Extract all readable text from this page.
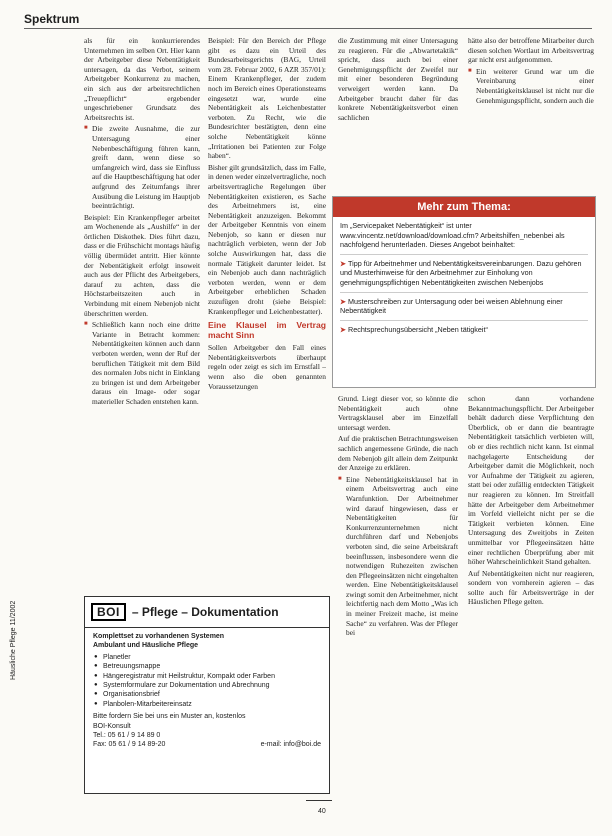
Spektrum

als für ein konkurrierendes Unternehmen im selben Ort. Hier kann der Arbeitgeber diese Nebentätigkeit untersagen, da das Verbot, seinem Arbeitgeber Konkurrenz zu machen, ein sich aus der arbeitsrechtlichen „Treuepflicht“ ergebender ungeschriebener Grundsatz des Arbeitsrechts ist.

■ Die zweite Ausnahme, die zur Untersagung einer Nebenbeschäftigung führen kann, greift dann, wenn diese so umfangreich wird, dass sie Einfluss auf die Hauptbeschäftigung hat oder aufgrund des Zeitumfangs ihrer Ausübung die Leistung im Hauptjob beeinträchtigt.

Beispiel: Ein Krankenpfleger arbeitet am Wochenende als „Aushilfe“ in der örtlichen Diskothek. Dies führt dazu, dass er die Frühschicht montags häufig völlig übermüdet antritt. Hier könnte der Nebentätigkeit erfolgt insoweit auch aus der Pflicht des Arbeitgebers, darauf zu achten, dass die Höchstarbeitszeiten auch in Verbindung mit einem Nebenjob nicht überschritten werden.

■ Schließlich kann noch eine dritte Variante in Betracht kommen: Nebentätigkeiten können auch dann verboten werden, wenn der Ruf der beruflichen Tätigkeit mit dem Bild des normalen Jobs nicht in Einklang zu bringen ist und dem Arbeitgeber daraus ein Image- oder sogar materieller Schaden entstehen kann.

Beispiel: Für den Bereich der Pflege gibt es dazu ein Urteil des Bundesarbeitsgerichts (BAG, Urteil vom 28. Februar 2002, 6 AZR 357/01): Einem Krankenpfleger, der zudem noch im Bereich eines Operationsteams eingesetzt war, wurde eine Nebentätigkeit als Leichenbestatter verboten. Zu Recht, wie die Bundesrichter bestätigten, denn eine solche Nebentätigkeit könne „Irritationen bei Patienten zur Folge haben“.

Bisher gilt grundsätzlich, dass im Falle, in denen weder einzelvertragliche, noch arbeitsvertragliche Regelungen über Nebentätigkeiten existieren, es Sache des Arbeitnehmers ist, eine Nebentätigkeit anzuzeigen. Bekommt der Arbeitgeber Kenntnis von einem Nebenjob, so kann er diesen nur nachträglich verbieten, wenn der Job solche Auswirkungen hat, dass die normale Tätigkeit darunter leidet. Ist ein Nebenjob auch dann nachträglich verboten werden, wenn er dem Arbeitgeber erheblichen Schaden zuzufügen droht (siehe Beispiel: Krankenpfleger und Leichenbestatter).

Eine Klausel im Vertrag macht Sinn

Sollen Arbeitgeber den Fall eines Nebentätigkeitsverbots überhaupt regeln oder zeigt es sich im Ernstfall – wenn also die oben genannten Voraussetzungen

die Zustimmung mit einer Untersagung zu reagieren. Für die „Abwartetaktik“ spricht, dass auch bei einer Genehmigungspflicht der Zweifel nur mit einer besonderen Begründung verweigert werden kann. Da Arbeitgeber braucht daher für das konkrete Nebentätigkeitsverbot einen sachlichen

hätte also der betroffene Mitarbeiter durch diesen solchen Wortlaut im Arbeitsvertrag gar nicht erst aufgenommen.

■ Ein weiterer Grund war um die Vereinbarung einer Nebentätigkeitsklausel ist nicht nur die Genehmigungspflicht, sondern auch die

Mehr zum Thema:

Im „Servicepaket Nebentätigkeit“ ist unter www.vincentz.net/download/download.cfm? Arbeitshilfen_nebenbei als nachfolgend herunterladen. Dieses Angebot beinhaltet:

➤ Tipp für Arbeitnehmer und Nebentätigkeitsvereinbarungen. Dazu gehören und Musterhinweise für den Arbeitnehmer zur Einholung von genehmigungspflichtigen Nebentätigkeiten zwischen Nebenjobs

➤ Musterschreiben zur Untersagung oder bei weisen Ablehnung einer Nebentätigkeit

➤ Rechtsprechungsübersicht „Neben tätigkeit“

Grund. Liegt dieser vor, so könnte die Nebentätigkeit auch ohne Vertragsklausel aber im Einzelfall untersagt werden.

Auf die praktischen Betrachtungsweisen sachlich angemessene Gründe, die nach dem Nebenjob gilt allein dem Zeitpunkt der Anzeige zu erklären.

■ Eine Nebentätigkeitsklausel hat in einem Arbeitsvertrag auch eine Warnfunktion. Der Arbeitnehmer wird darauf hingewiesen, dass er Nebentätigkeiten für Konkurrenzunternehmen nicht durchführen darf und Nebenjobs verboten sind, die seine Arbeitskraft beeinflussen, insbesondere wenn die notwendigen Ruhezeiten zwischen den Pflegeeinsätzen nicht eingehalten werden. Eine Nebentätigkeitsklausel zwingt somit den Arbeitnehmer, nicht leichtfertig nach dem Motto „Was ich in meiner Freizeit mache, ist meine Sache“ zu verfahren. Was der Pfleger bei

schon dann vorhandene Bekanntmachungspflicht. Der Arbeitgeber behält dadurch diese Verpflichtung den Überblick, ob er dann die beantragte Nebentätigkeit tatsächlich verbieten will, ob er dies rechtlich nicht kann. Ist einmal nachgelagerte Entscheidung der Arbeitgeber damit die Möglichkeit, noch vor Aufnahme der Tätigkeit zu agieren, statt bei oder zufällig entdeckten Tätigkeit nur reagieren zu können. Im Streitfall hätte der Arbeitgeber dem Arbeitnehmer im Vorfeld vielleicht nicht per se die Tätigkeit verbieten können. Eine Untersagung des Zweitjobs in Zeiten unmittelbar vor Pflegeeinsätzen hätte einer rechtlichen Überprüfung aber mit höher Wahrscheinlichkeit Stand gehalten.

Auf Nebentätigkeiten nicht nur reagieren, sondern von vornherein agieren – das sollte auch für Arbeitsverträge in der Häuslichen Pflege gelten.

BOI	– Pflege – Dokumentation

Komplettset zu vorhandenen Systemen

Ambulant und Häusliche Pflege

● Planetler
● Betreuungsmappe
● Hängeregistratur mit Heilstruktur, Kompakt oder Farben
● Systemformulare zur Dokumentation und Abrechnung
● Organisationsbrief
● Planbolen-Mitarbeitereinsatz

Bitte fordern Sie bei uns ein Muster an, kostenlos

BOI-Konsult

Tel.: 05 61 / 9 14 89 0

Fax: 05 61 / 9 14 89-20	e-mail: info@boi.de

Häusliche Pflege 11/2002
40
